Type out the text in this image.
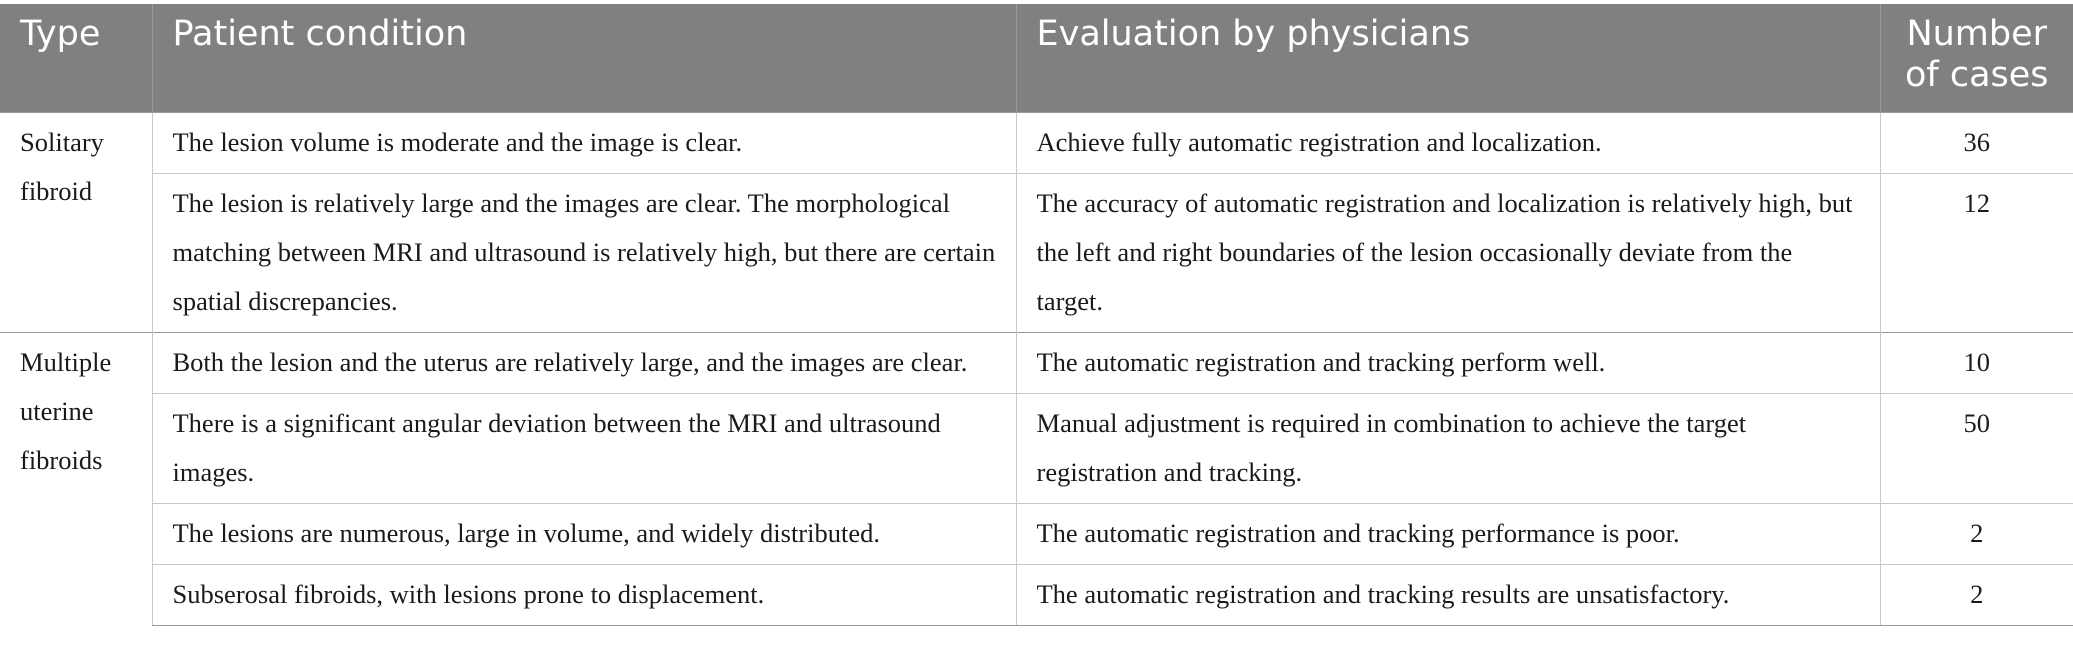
Type	Patient condition	Evaluation by physicians	Number of cases
Solitary fibroid	The lesion volume is moderate and the image is clear.	Achieve fully automatic registration and localization.	36
	The lesion is relatively large and the images are clear. The morphological matching between MRI and ultrasound is relatively high, but there are certain spatial discrepancies.	The accuracy of automatic registration and localization is relatively high, but the left and right boundaries of the lesion occasionally deviate from the target.	12
Multiple uterine fibroids	Both the lesion and the uterus are relatively large, and the images are clear.	The automatic registration and tracking perform well.	10
	There is a significant angular deviation between the MRI and ultrasound images.	Manual adjustment is required in combination to achieve the target registration and tracking.	50
	The lesions are numerous, large in volume, and widely distributed.	The automatic registration and tracking performance is poor.	2
	Subserosal fibroids, with lesions prone to displacement.	The automatic registration and tracking results are unsatisfactory.	2
